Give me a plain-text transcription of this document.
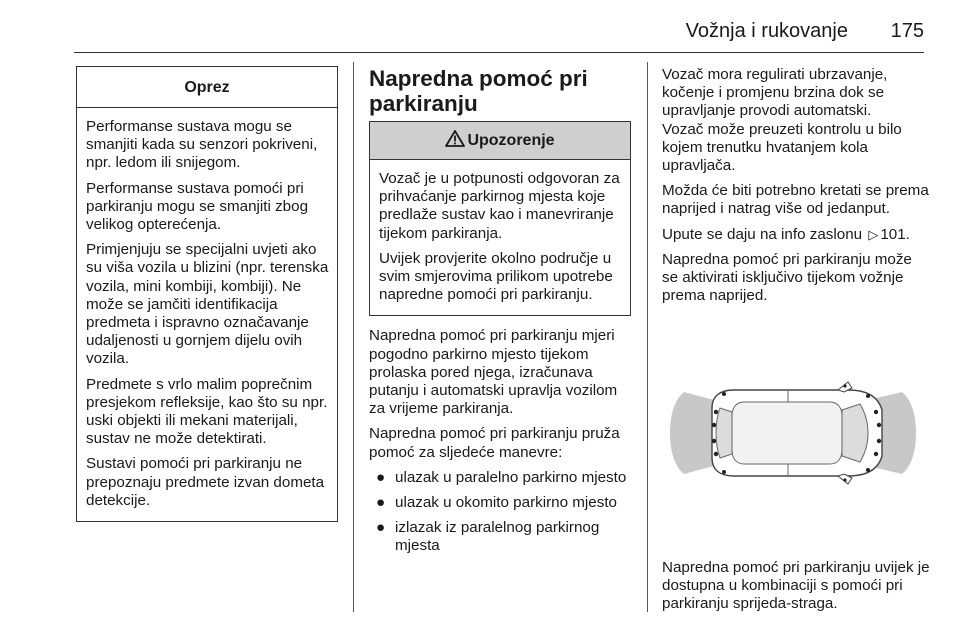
Vožnja i rukovanje 175
Oprez

Performanse sustava mogu se smanjiti kada su senzori pokriveni, npr. ledom ili snijegom.

Performanse sustava pomoći pri parkiranju mogu se smanjiti zbog velikog opterećenja.

Primjenjuju se specijalni uvjeti ako su viša vozila u blizini (npr. terenska vozila, mini kombiji, kombiji). Ne može se jamčiti identifikacija predmeta i ispravno označavanje udaljenosti u gornjem dijelu ovih vozila.

Predmete s vrlo malim poprečnim presjekom refleksije, kao što su npr. uski objekti ili mekani materijali, sustav ne može detektirati.

Sustavi pomoći pri parkiranju ne prepoznaju predmete izvan dometa detekcije.

Napredna pomoć pri parkiranju
Upozorenje

Vozač je u potpunosti odgovoran za prihvaćanje parkirnog mjesta koje predlaže sustav kao i manevriranje tijekom parkiranja.

Uvijek provjerite okolno područje u svim smjerovima prilikom upotrebe napredne pomoći pri parkiranju.

Napredna pomoć pri parkiranju mjeri pogodno parkirno mjesto tijekom prolaska pored njega, izračunava putanju i automatski upravlja vozilom za vrijeme parkiranja.

Napredna pomoć pri parkiranju pruža pomoć za sljedeće manevre:

● ulazak u paralelno parkirno mjesto
● ulazak u okomito parkirno mjesto
● izlazak iz paralelnog parkirnog mjesta

Vozač mora regulirati ubrzavanje, kočenje i promjenu brzina dok se upravljanje provodi automatski.

Vozač može preuzeti kontrolu u bilo kojem trenutku hvatanjem kola upravljača.

Možda će biti potrebno kretati se prema naprijed i natrag više od jedanput.

Upute se daju na info zaslonu ▷ 101.

Napredna pomoć pri parkiranju može se aktivirati isključivo tijekom vožnje prema naprijed.

Napredna pomoć pri parkiranju uvijek je dostupna u kombinaciji s pomoći pri parkiranju sprijeda-straga.
